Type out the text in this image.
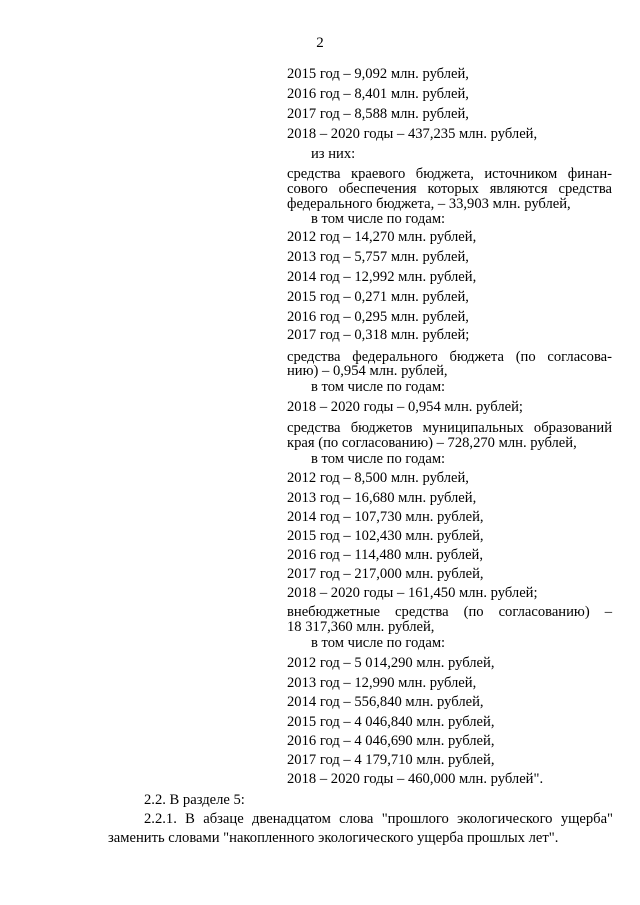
2
2015 год – 9,092 млн. рублей,
2016 год – 8,401 млн. рублей,
2017 год – 8,588 млн. рублей,
2018 – 2020 годы – 437,235 млн. рублей,
из них:
средства краевого бюджета, источником финан-
сового обеспечения которых являются средства
федерального бюджета, – 33,903 млн. рублей,
в том числе по годам:
2012 год – 14,270 млн. рублей,
2013 год – 5,757 млн. рублей,
2014 год – 12,992 млн. рублей,
2015 год – 0,271 млн. рублей,
2016 год – 0,295 млн. рублей,
2017 год – 0,318 млн. рублей;
средства федерального бюджета (по согласова-
нию) – 0,954 млн. рублей,
в том числе по годам:
2018 – 2020 годы – 0,954 млн. рублей;
средства бюджетов муниципальных образований
края (по согласованию) – 728,270 млн. рублей,
в том числе по годам:
2012 год – 8,500 млн. рублей,
2013 год – 16,680 млн. рублей,
2014 год – 107,730 млн. рублей,
2015 год – 102,430 млн. рублей,
2016 год – 114,480 млн. рублей,
2017 год – 217,000 млн. рублей,
2018 – 2020 годы – 161,450 млн. рублей;
внебюджетные средства (по согласованию) –
18 317,360 млн. рублей,
в том числе по годам:
2012 год – 5 014,290 млн. рублей,
2013 год – 12,990 млн. рублей,
2014 год – 556,840 млн. рублей,
2015 год – 4 046,840 млн. рублей,
2016 год – 4 046,690 млн. рублей,
2017 год – 4 179,710 млн. рублей,
2018 – 2020 годы – 460,000 млн. рублей".
2.2. В разделе 5:
2.2.1. В абзаце двенадцатом слова "прошлого экологического ущерба"
заменить словами "накопленного экологического ущерба прошлых лет".
